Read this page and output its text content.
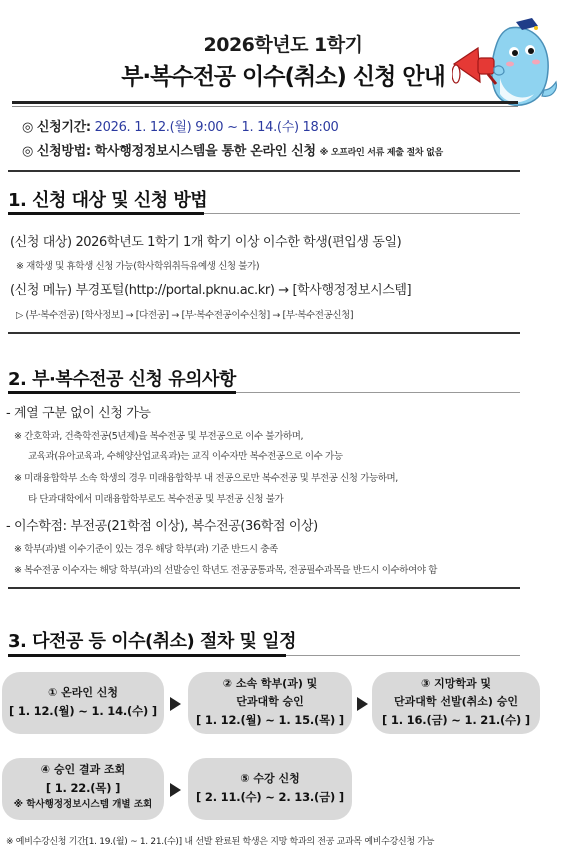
2026학년도 1학기
부·복수전공 이수(취소) 신청 안내
◎ 신청기간: 2026. 1. 12.(월) 9:00 ~ 1. 14.(수) 18:00
◎ 신청방법: 학사행정정보시스템을 통한 온라인 신청 ※ 오프라인 서류 제출 절차 없음
1. 신청 대상 및 신청 방법
(신청 대상) 2026학년도 1학기 1개 학기 이상 이수한 학생(편입생 동일)
※ 재학생 및 휴학생 신청 가능(학사학위취득유예생 신청 불가)
(신청 메뉴) 부경포털(http://portal.pknu.ac.kr) → [학사행정정보시스템]
▷ (부·복수전공) [학사정보] → [다전공] → [부·복수전공이수신청] → [부·복수전공신청]
2. 부·복수전공 신청 유의사항
- 계열 구분 없이 신청 가능
※ 간호학과, 건축학전공(5년제)을 복수전공 및 부전공으로 이수 불가하며,
교육과(유아교육과, 수해양산업교육과)는 교직 이수자만 복수전공으로 이수 가능
※ 미래융합학부 소속 학생의 경우 미래융합학부 내 전공으로만 복수전공 및 부전공 신청 가능하며,
타 단과대학에서 미래융합학부로도 복수전공 및 부전공 신청 불가
- 이수학점: 부전공(21학점 이상), 복수전공(36학점 이상)
※ 학부(과)별 이수기준이 있는 경우 해당 학부(과) 기준 반드시 충족
※ 복수전공 이수자는 해당 학부(과)의 선발승인 학년도 전공공통과목, 전공필수과목을 반드시 이수하여야 함
3. 다전공 등 이수(취소) 절차 및 일정
① 온라인 신청
[ 1. 12.(월) ~ 1. 14.(수) ]
② 소속 학부(과) 및
단과대학 승인
[ 1. 12.(월) ~ 1. 15.(목) ]
③ 지망학과 및
단과대학 선발(취소) 승인
[ 1. 16.(금) ~ 1. 21.(수) ]
④ 승인 결과 조회
[ 1. 22.(목) ]
※ 학사행정정보시스템 개별 조회
⑤ 수강 신청
[ 2. 11.(수) ~ 2. 13.(금) ]
※ 예비수강신청 기간[1. 19.(월) ~ 1. 21.(수)] 내 선발 완료된 학생은 지망 학과의 전공 교과목 예비수강신청 가능
